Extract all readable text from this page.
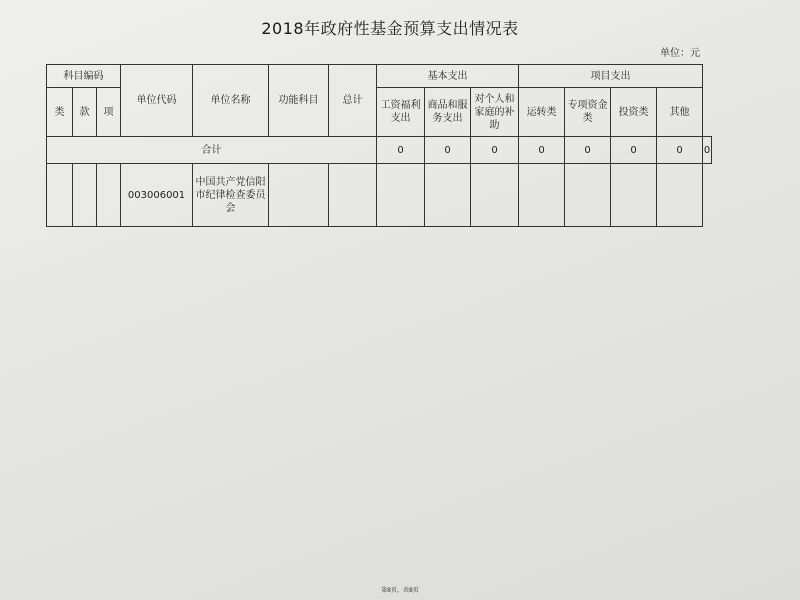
2018年政府性基金预算支出情况表
单位：元
科目编码			单位代码	单位名称	功能科目	总计	基本支出			项目支出				
类	款	项					工资福利支出	商品和服务支出	对个人和家庭的补助	运转类	专项资金类	投资类	其他	
合计							0	0	0	0	0	0	0	0
			003006001	中国共产党信阳市纪律检查委员会										
第8页，共8页
